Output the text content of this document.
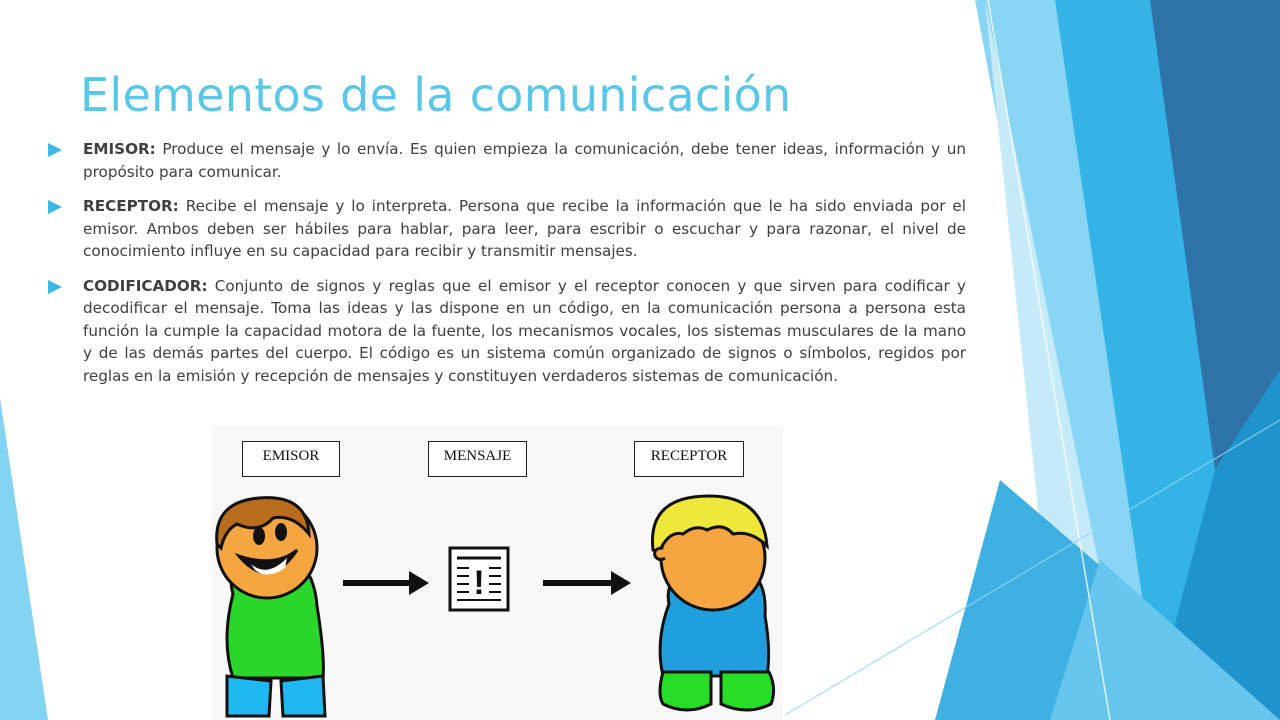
Elementos de la comunicación
EMISOR: Produce el mensaje y lo envía. Es quien empieza la comunicación, debe tener ideas, información y un propósito para comunicar.
RECEPTOR: Recibe el mensaje y lo interpreta. Persona que recibe la información que le ha sido enviada por el emisor. Ambos deben ser hábiles para hablar, para leer, para escribir o escuchar y para razonar, el nivel de conocimiento influye en su capacidad para recibir y transmitir mensajes.
CODIFICADOR: Conjunto de signos y reglas que el emisor y el receptor conocen y que sirven para codificar y decodificar el mensaje. Toma las ideas y las dispone en un código, en la comunicación persona a persona esta función la cumple la capacidad motora de la fuente, los mecanismos vocales, los sistemas musculares de la mano y de las demás partes del cuerpo. El código es un sistema común organizado de signos o símbolos, regidos por reglas en la emisión y recepción de mensajes y constituyen verdaderos sistemas de comunicación.
!
EMISOR	MENSAJE	RECEPTOR
